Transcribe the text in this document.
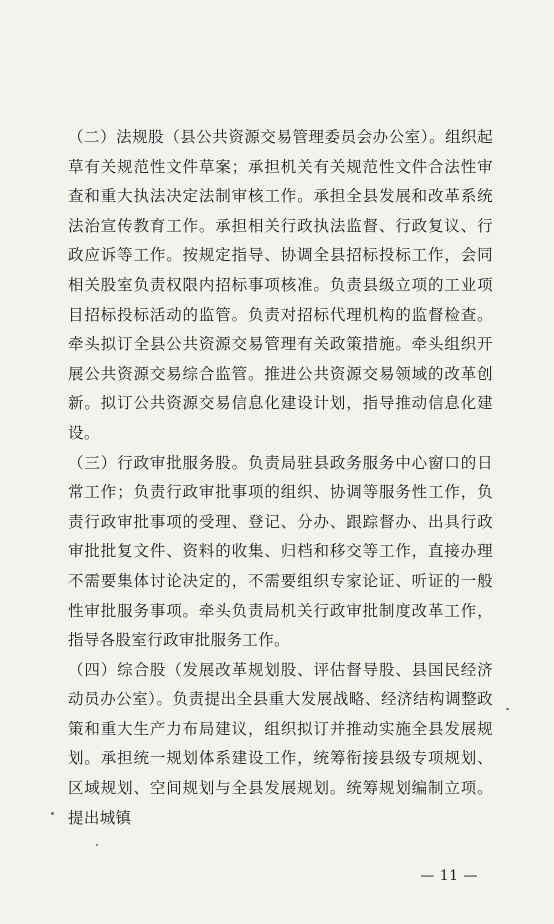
（二）法规股（县公共资源交易管理委员会办公室）。组织起草有关规范性文件草案；承担机关有关规范性文件合法性审查和重大执法决定法制审核工作。承担全县发展和改革系统法治宣传教育工作。承担相关行政执法监督、行政复议、行政应诉等工作。按规定指导、协调全县招标投标工作，会同相关股室负责权限内招标事项核准。负责县级立项的工业项目招标投标活动的监管。负责对招标代理机构的监督检查。牵头拟订全县公共资源交易管理有关政策措施。牵头组织开展公共资源交易综合监管。推进公共资源交易领域的改革创新。拟订公共资源交易信息化建设计划，指导推动信息化建设。

（三）行政审批服务股。负责局驻县政务服务中心窗口的日常工作；负责行政审批事项的组织、协调等服务性工作，负责行政审批事项的受理、登记、分办、跟踪督办、出具行政审批批复文件、资料的收集、归档和移交等工作，直接办理不需要集体讨论决定的，不需要组织专家论证、听证的一般性审批服务事项。牵头负责局机关行政审批制度改革工作，指导各股室行政审批服务工作。

（四）综合股（发展改革规划股、评估督导股、县国民经济动员办公室）。负责提出全县重大发展战略、经济结构调整政策和重大生产力布局建议，组织拟订并推动实施全县发展规划。承担统一规划体系建设工作，统筹衔接县级专项规划、区域规划、空间规划与全县发展规划。统筹规划编制立项。提出城镇

— 11 —
